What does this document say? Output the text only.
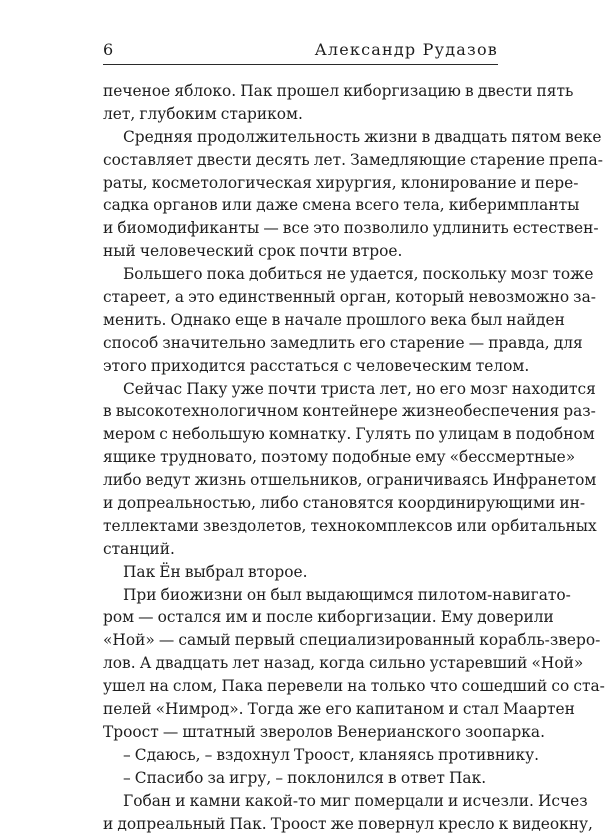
6	Александр Рудазов
печеное яблоко. Пак прошел киборгизацию в двести пять
лет, глубоким стариком.
Средняя продолжительность жизни в двадцать пятом веке
составляет двести десять лет. Замедляющие старение препа-
раты, косметологическая хирургия, клонирование и пере-
садка органов или даже смена всего тела, киберимпланты
и биомодификанты — все это позволило удлинить естествен-
ный человеческий срок почти втрое.
Большего пока добиться не удается, поскольку мозг тоже
стареет, а это единственный орган, который невозможно за-
менить. Однако еще в начале прошлого века был найден
способ значительно замедлить его старение — правда, для
этого приходится расстаться с человеческим телом.
Сейчас Паку уже почти триста лет, но его мозг находится
в высокотехнологичном контейнере жизнеобеспечения раз-
мером с небольшую комнатку. Гулять по улицам в подобном
ящике трудновато, поэтому подобные ему «бессмертные»
либо ведут жизнь отшельников, ограничиваясь Инфранетом
и допреальностью, либо становятся координирующими ин-
теллектами звездолетов, технокомплексов или орбитальных
станций.
Пак Ён выбрал второе.
При биожизни он был выдающимся пилотом-навигато-
ром — остался им и после киборгизации. Ему доверили
«Ной» — самый первый специализированный корабль-зверо-
лов. А двадцать лет назад, когда сильно устаревший «Ной»
ушел на слом, Пака перевели на только что сошедший со ста-
пелей «Нимрод». Тогда же его капитаном и стал Маартен
Троост — штатный зверолов Венерианского зоопарка.
– Сдаюсь, – вздохнул Троост, кланяясь противнику.
– Спасибо за игру, – поклонился в ответ Пак.
Гобан и камни какой-то миг померцали и исчезли. Исчез
и допреальный Пак. Троост же повернул кресло к видеокну,
